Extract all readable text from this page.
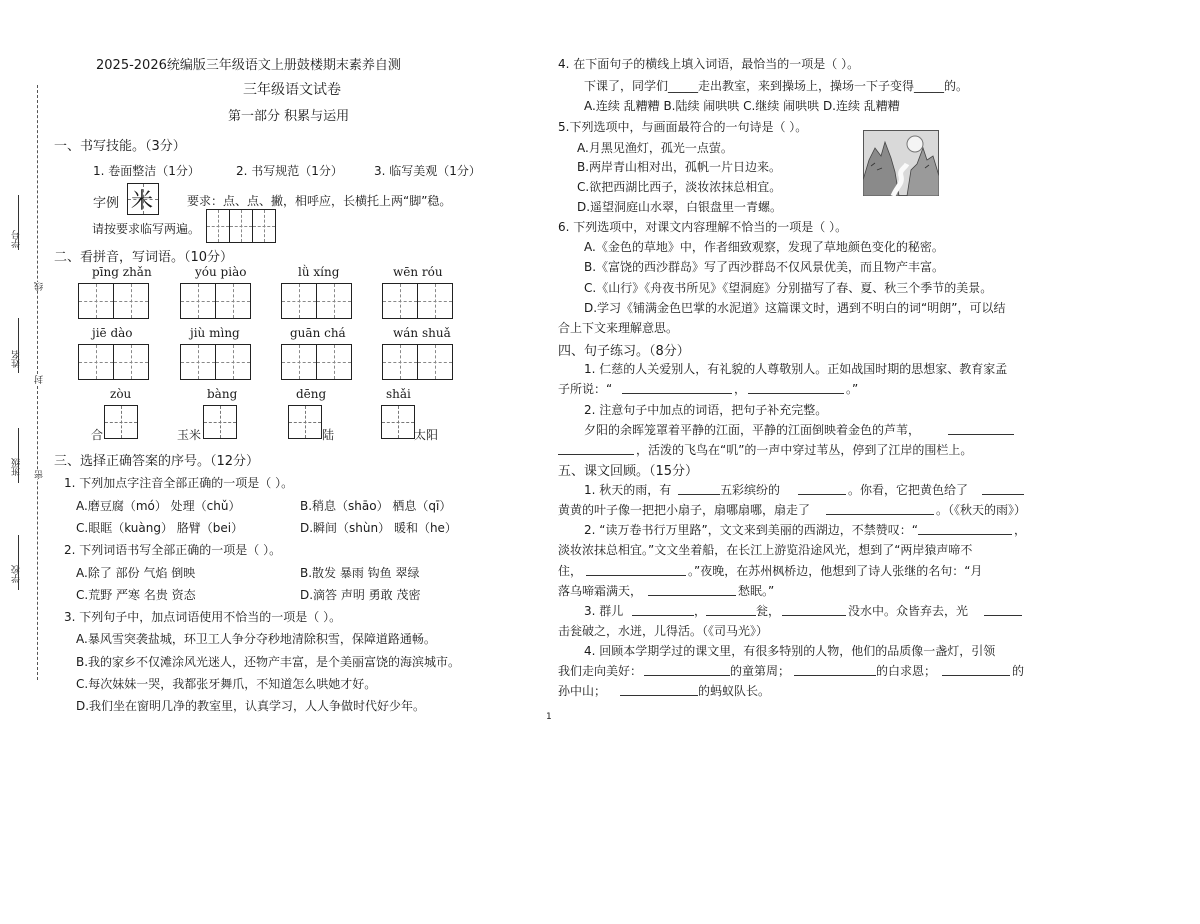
学号
线
姓名
封
班级 密
学校
2025-2026统编版三年级语文上册鼓楼期末素养自测
三年级语文试卷
第一部分 积累与运用
一、书写技能。（3分）
1. 卷面整洁（1分）	2. 书写规范（1分）	3. 临写美观（1分）
字例 米	要求：点、点、撇，相呼应，长横托上两“脚”稳。
请按要求临写两遍。
二、看拼音，写词语。（10分）
pīng zhǎn	yóu piào	lǜ xíng	wēn róu
jiē dào	jiù mìng	guān chá	wán shuǎ
zòu	bàng	dēng	shǎi
合	玉米	陆	太阳
三、选择正确答案的序号。（12分）
1. 下列加点字注音全部正确的一项是（ ）。
A.磨豆腐（mó） 处理（chǔ）	B.稍息（shāo） 栖息（qī）
C.眼眶（kuàng） 胳臂（bei）	D.瞬间（shùn） 暖和（he）
2. 下列词语书写全部正确的一项是（ ）。
A.除了 部份 气焰 倒映	B.散发 暴雨 钩鱼 翠绿
C.荒野 严寒 名贵 资态	D.滴答 声明 勇敢 茂密
3. 下列句子中，加点词语使用不恰当的一项是（ ）。
A.暴风雪突袭盐城，环卫工人争分夺秒地清除积雪，保障道路通畅。
B.我的家乡不仅滩涂风光迷人，还物产丰富，是个美丽富饶的海滨城市。
C.每次妹妹一哭，我都张牙舞爪，不知道怎么哄她才好。
D.我们坐在窗明几净的教室里，认真学习，人人争做时代好少年。
4. 在下面句子的横线上填入词语，最恰当的一项是（ ）。
下课了，同学们_____走出教室，来到操场上，操场一下子变得_____的。
A.连续 乱糟糟 B.陆续 闹哄哄 C.继续 闹哄哄 D.连续 乱糟糟
5.下列选项中，与画面最符合的一句诗是（ ）。
A.月黑见渔灯，孤光一点萤。
B.两岸青山相对出，孤帆一片日边来。
C.欲把西湖比西子，淡妆浓抹总相宜。
D.遥望洞庭山水翠，白银盘里一青螺。
6. 下列选项中，对课文内容理解不恰当的一项是（ ）。
A.《金色的草地》中，作者细致观察，发现了草地颜色变化的秘密。
B.《富饶的西沙群岛》写了西沙群岛不仅风景优美，而且物产丰富。
C.《山行》《舟夜书所见》《望洞庭》分别描写了春、夏、秋三个季节的美景。
D.学习《铺满金色巴掌的水泥道》这篇课文时，遇到不明白的词“明朗”，可以结
合上下文来理解意思。
四、句子练习。（8分）
1. 仁慈的人关爱别人，有礼貌的人尊敬别人。正如战国时期的思想家、教育家孟
子所说：“	，	。”
2. 注意句子中加点的词语，把句子补充完整。
夕阳的余晖笼罩着平静的江面，平静的江面倒映着金色的芦苇，
，活泼的飞鸟在“叽”的一声中穿过苇丛，停到了江岸的围栏上。
五、课文回顾。（15分）
1. 秋天的雨，有	五彩缤纷的	。你看，它把黄色给了
黄黄的叶子像一把把小扇子，扇哪扇哪，扇走了	。（《秋天的雨》）
2. “读万卷书行万里路”，文文来到美丽的西湖边，不禁赞叹：“	，
淡妆浓抹总相宜。”文文坐着船，在长江上游览沿途风光，想到了“两岸猿声啼不
住，	。”夜晚，在苏州枫桥边，他想到了诗人张继的名句：“月
落乌啼霜满天，	愁眠。”
3. 群儿	，	瓮，	没水中。众皆弃去，光
击瓮破之，水迸，儿得活。（《司马光》）
4. 回顾本学期学过的课文里，有很多特别的人物，他们的品质像一盏灯，引领
我们走向美好：	的童第周；	的白求恩；	的
孙中山；	的蚂蚁队长。
1
